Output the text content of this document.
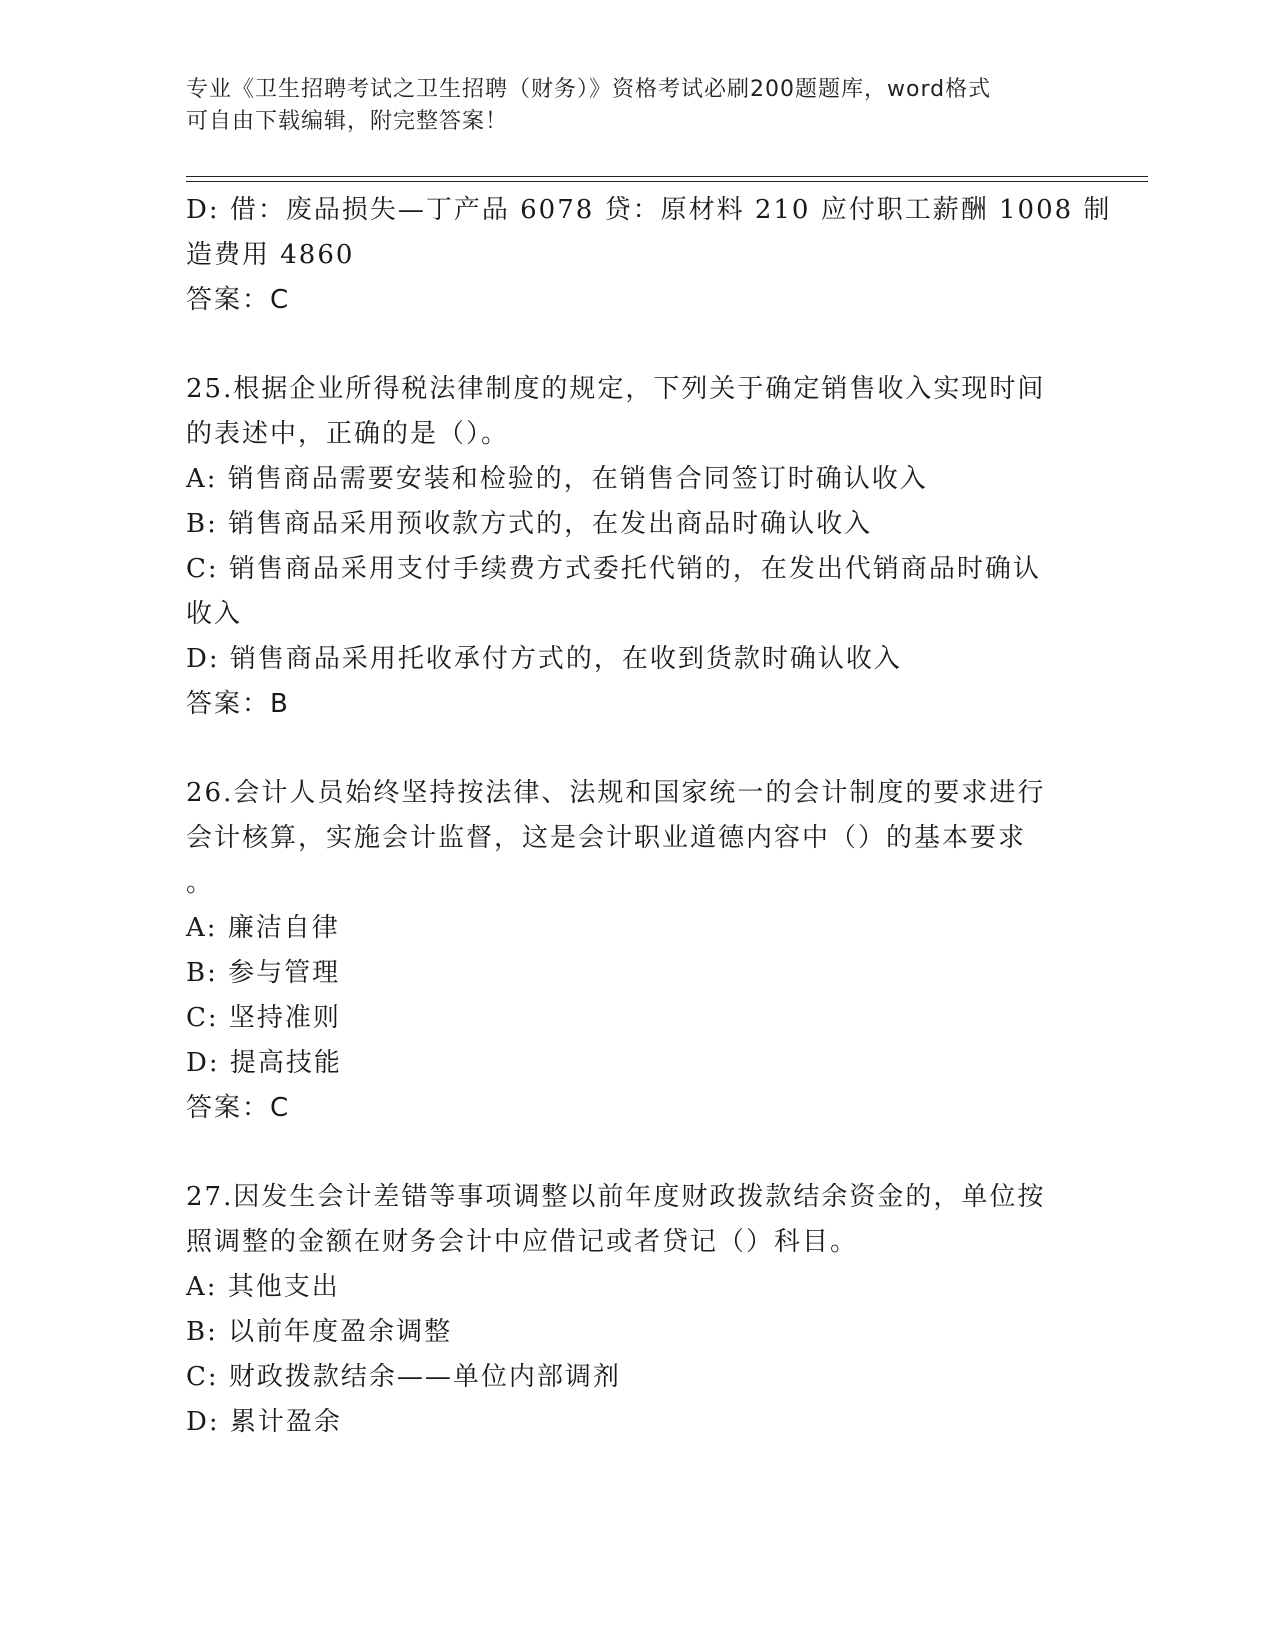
专业《卫生招聘考试之卫生招聘（财务）》资格考试必刷200题题库，word格式
可自由下载编辑，附完整答案！

D: 借：废品损失—丁产品 6078 贷：原材料 210 应付职工薪酬 1008 制

造费用 4860

答案：C

25.根据企业所得税法律制度的规定，下列关于确定销售收入实现时间

的表述中，正确的是（）。

A: 销售商品需要安装和检验的，在销售合同签订时确认收入

B: 销售商品采用预收款方式的，在发出商品时确认收入

C: 销售商品采用支付手续费方式委托代销的，在发出代销商品时确认

收入

D: 销售商品采用托收承付方式的，在收到货款时确认收入

答案：B

26.会计人员始终坚持按法律、法规和国家统一的会计制度的要求进行

会计核算，实施会计监督，这是会计职业道德内容中（）的基本要求

。

A: 廉洁自律

B: 参与管理

C: 坚持准则

D: 提高技能

答案：C

27.因发生会计差错等事项调整以前年度财政拨款结余资金的，单位按

照调整的金额在财务会计中应借记或者贷记（）科目。

A: 其他支出

B: 以前年度盈余调整

C: 财政拨款结余——单位内部调剂

D: 累计盈余
